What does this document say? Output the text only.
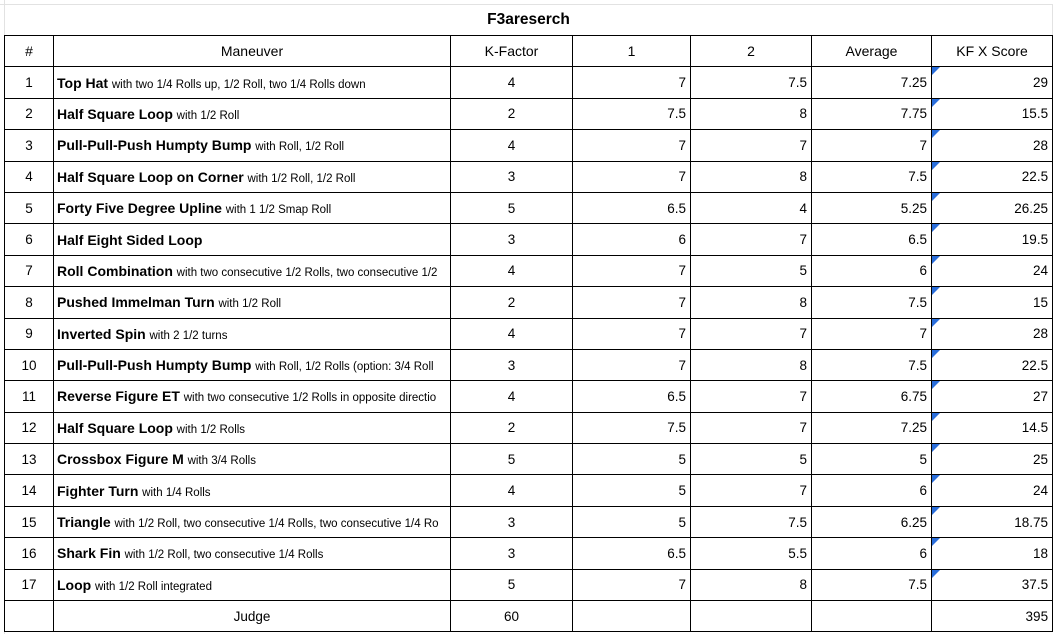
F3areserch						
#	Maneuver	K-Factor	1	2	Average	KF X Score
1	Top Hat with two 1/4 Rolls up, 1/2 Roll, two 1/4 Rolls down	4	7	7.5	7.25	29
2	Half Square Loop with 1/2 Roll	2	7.5	8	7.75	15.5
3	Pull-Pull-Push Humpty Bump with Roll, 1/2 Roll	4	7	7	7	28
4	Half Square Loop on Corner with 1/2 Roll, 1/2 Roll	3	7	8	7.5	22.5
5	Forty Five Degree Upline with 1 1/2 Smap Roll	5	6.5	4	5.25	26.25
6	Half Eight Sided Loop	3	6	7	6.5	19.5
7	Roll Combination with two consecutive 1/2 Rolls, two consecutive 1/2	4	7	5	6	24
8	Pushed Immelman Turn with 1/2 Roll	2	7	8	7.5	15
9	Inverted Spin with 2 1/2 turns	4	7	7	7	28
10	Pull-Pull-Push Humpty Bump with Roll, 1/2 Rolls (option: 3/4 Roll	3	7	8	7.5	22.5
11	Reverse Figure ET with two consecutive 1/2 Rolls in opposite directio	4	6.5	7	6.75	27
12	Half Square Loop with 1/2 Rolls	2	7.5	7	7.25	14.5
13	Crossbox Figure M with 3/4 Rolls	5	5	5	5	25
14	Fighter Turn with 1/4 Rolls	4	5	7	6	24
15	Triangle with 1/2 Roll, two consecutive 1/4 Rolls, two consecutive 1/4 Ro	3	5	7.5	6.25	18.75
16	Shark Fin with 1/2 Roll, two consecutive 1/4 Rolls	3	6.5	5.5	6	18
17	Loop with 1/2 Roll integrated	5	7	8	7.5	37.5
	Judge	60				395
